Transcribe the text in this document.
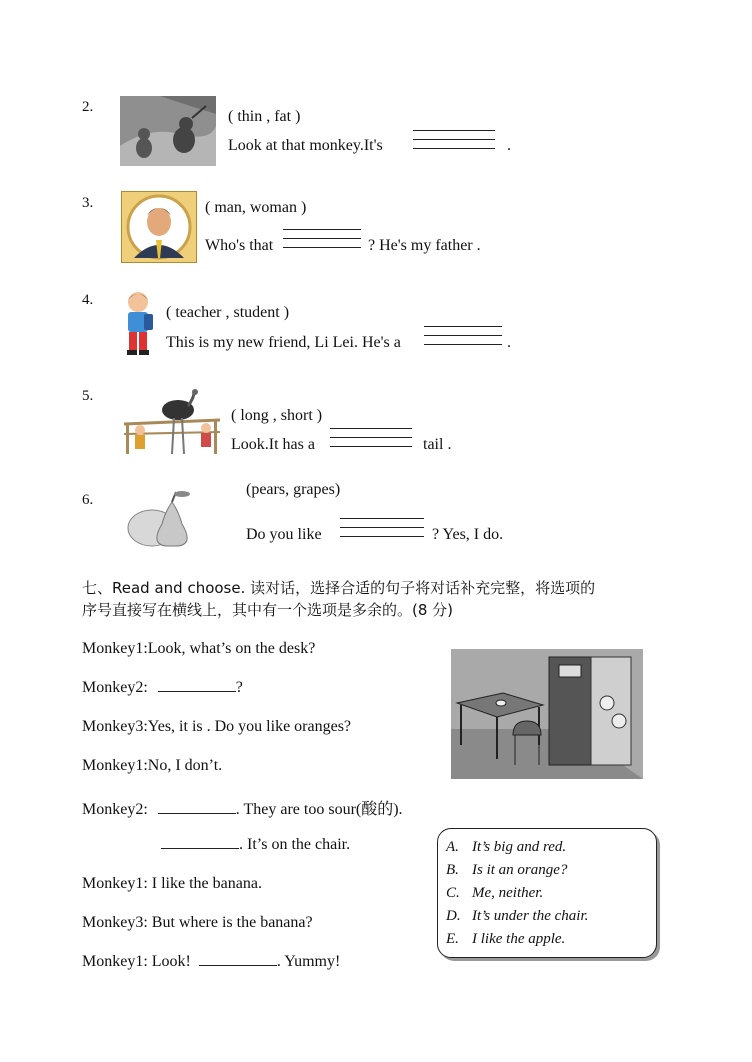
2.
( thin , fat )
Look at that monkey.It's	.
3.	( man, woman )
Who's that	? He's my father .
4.
( teacher , student )
This is my new friend, Li Lei. He's a	.
5.
( long , short )
Look.It has a	tail .
6.
(pears, grapes)
Do you like	? Yes, I do.
七、Read and choose. 读对话，选择合适的句子将对话补充完整，将选项的
序号直接写在横线上，其中有一个选项是多余的。(8 分)
Monkey1:Look, what’s on the desk?
Monkey2:	?
Monkey3:Yes, it is . Do you like oranges?
Monkey1:No, I don’t.
Monkey2:	. They are too sour(酸的).
. It’s on the chair.
Monkey1: I like the banana.
Monkey3: But where is the banana?
Monkey1: Look!	. Yummy!
A. It’s big and red.
B. Is it an orange?
C. Me, neither.
D. It’s under the chair.
E. I like the apple.
